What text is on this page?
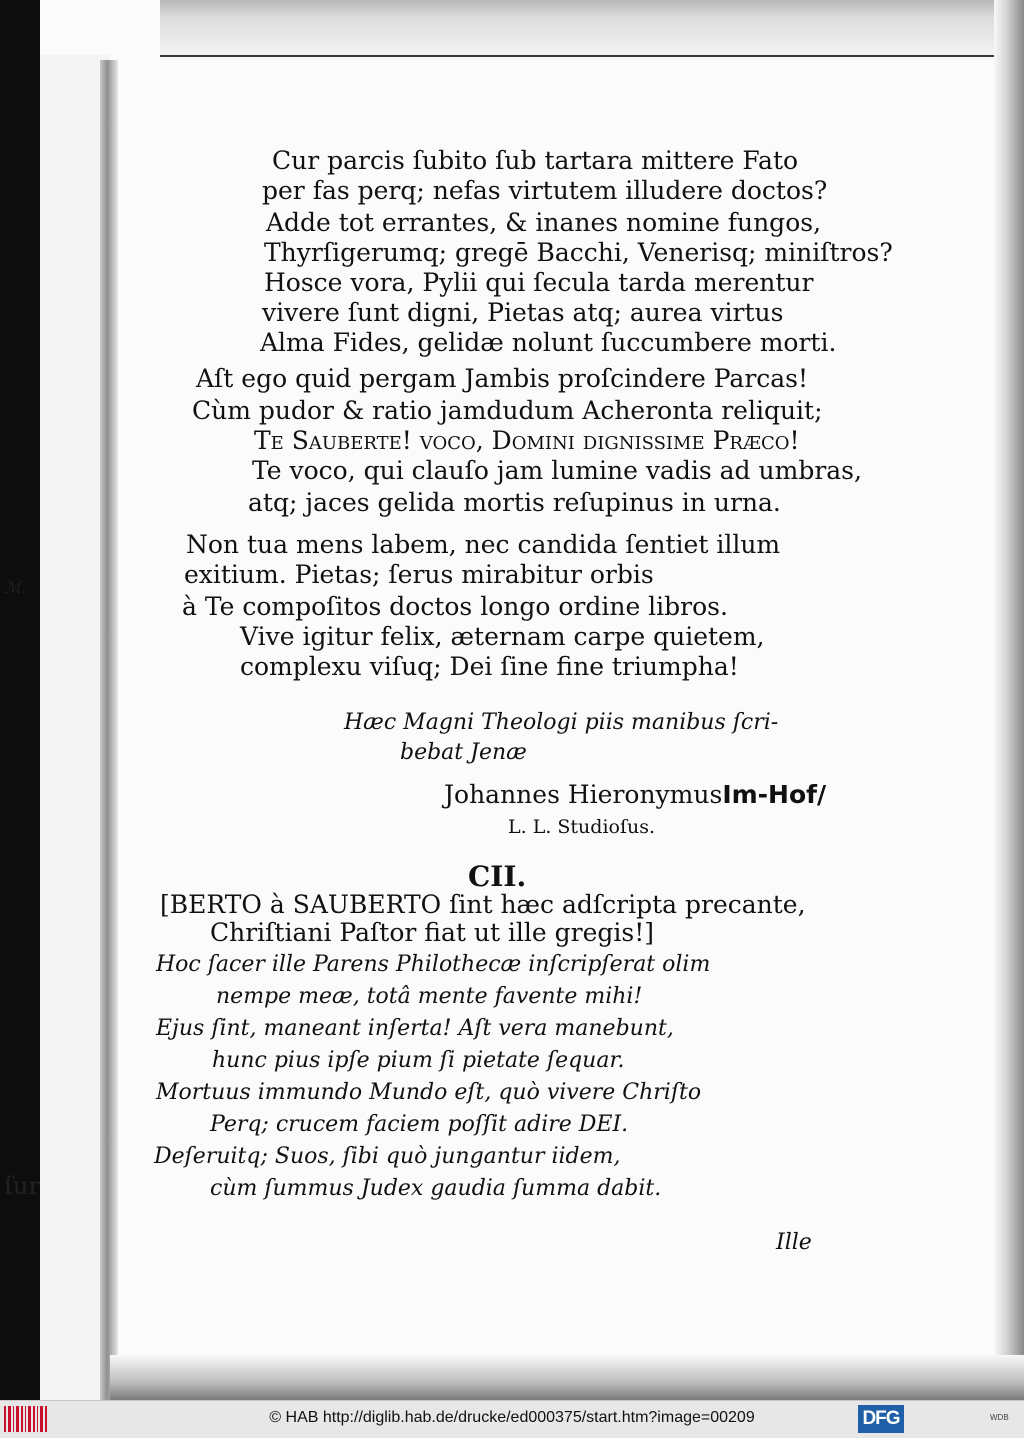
ℳ.
ſur
Cur parcis ſubito ſub tartara mittere Fato
per fas perq; nefas virtutem illudere doctos?
Adde tot errantes, & inanes nomine fungos,
Thyrſigerumq; gregē Bacchi, Venerisq; miniſtros?
Hosce vora, Pylii qui ſecula tarda merentur
vivere ſunt digni, Pietas atq; aurea virtus
Alma Fides, gelidæ nolunt ſuccumbere morti.
Aſt ego quid pergam Jambis proſcindere Parcas!
Cùm pudor & ratio jamdudum Acheronta reliquit;
Te Sauberte! voco, Domini digniſſime Præco!
Te voco, qui clauſo jam lumine vadis ad umbras,
atq; jaces gelida mortis reſupinus in urna.
Non tua mens labem, nec candida ſentiet illum
exitium. Pietas; ſerus mirabitur orbis
à Te compoſitos doctos longo ordine libros.
Vive igitur felix, æternam carpe quietem,
complexu viſuq; Dei ſine fine triumpha!
Hæc Magni Theologi piis manibus ſcri-
bebat Jenæ
Johannes HieronymusIm-Hof/
L. L. Studioſus.
CII.
[BERTO à SAUBERTO ſint hæc adſcripta precante,
Chriſtiani Paſtor fiat ut ille gregis!]
Hoc ſacer ille Parens Philothecæ inſcripſerat olim
nempe meæ, totâ mente favente mihi!
Ejus ſint, maneant inſerta! Aſt vera manebunt,
hunc pius ipſe pium ſi pietate ſequar.
Mortuus immundo Mundo eſt, quò vivere Chriſto
Perq; crucem faciem poſſit adire DEI.
Deſeruitq; Suos, ſibi quò jungantur iidem,
cùm ſummus Judex gaudia ſumma dabit.
Ille
© HAB http://diglib.hab.de/drucke/ed000375/start.htm?image=00209	DFG	WDB
